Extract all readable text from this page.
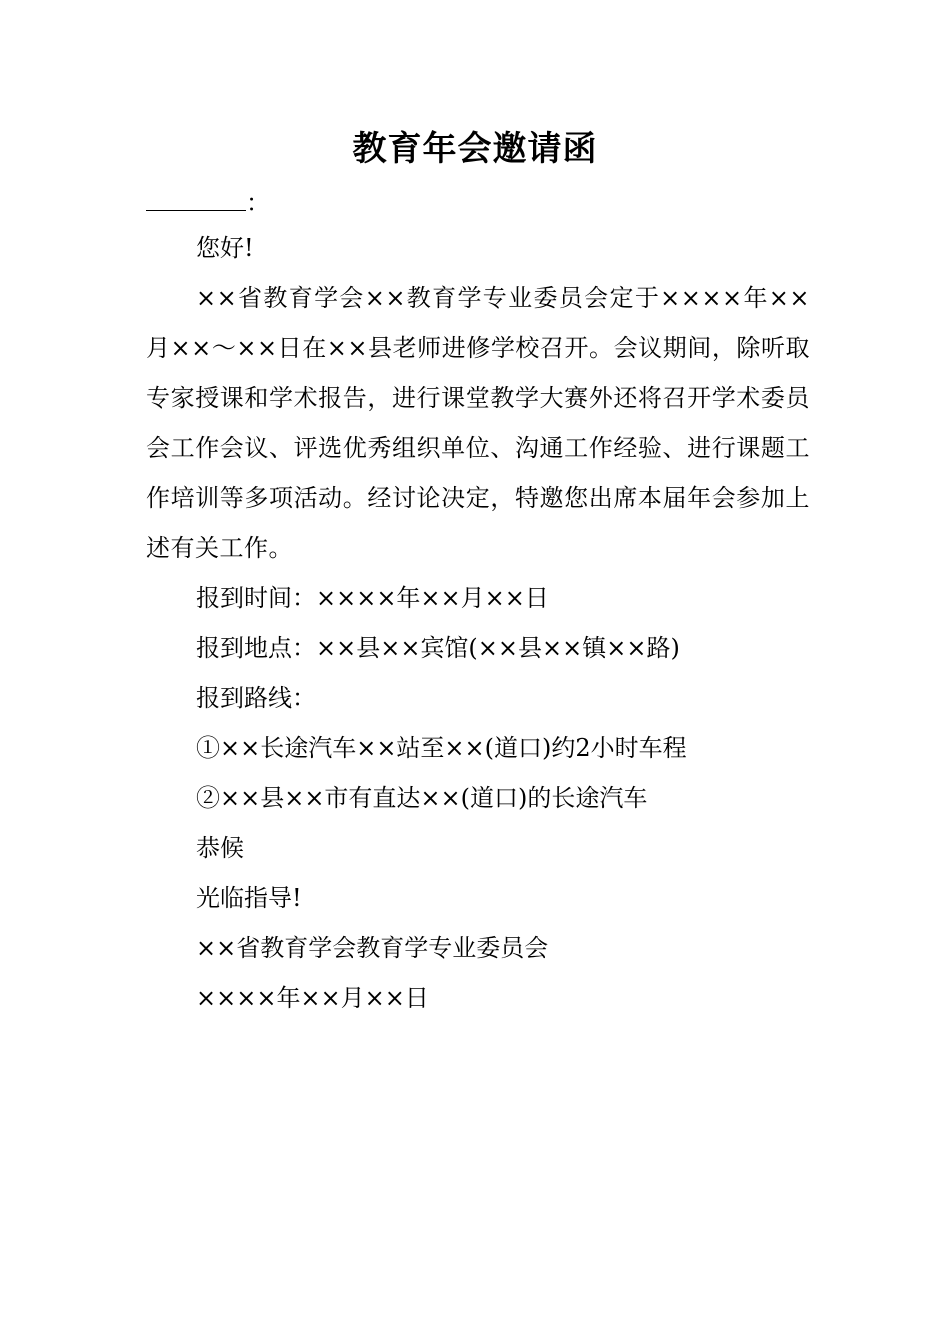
教育年会邀请函
：

您好!

××省教育学会××教育学专业委员会定于××××年××月××～××日在××县老师进修学校召开。会议期间，除听取专家授课和学术报告，进行课堂教学大赛外还将召开学术委员会工作会议、评选优秀组织单位、沟通工作经验、进行课题工作培训等多项活动。经讨论决定，特邀您出席本届年会参加上述有关工作。

报到时间：××××年××月××日

报到地点：××县××宾馆(××县××镇××路)

报到路线：

①××长途汽车××站至××(道口)约2小时车程

②××县××市有直达××(道口)的长途汽车

恭候

光临指导!

××省教育学会教育学专业委员会

××××年××月××日
